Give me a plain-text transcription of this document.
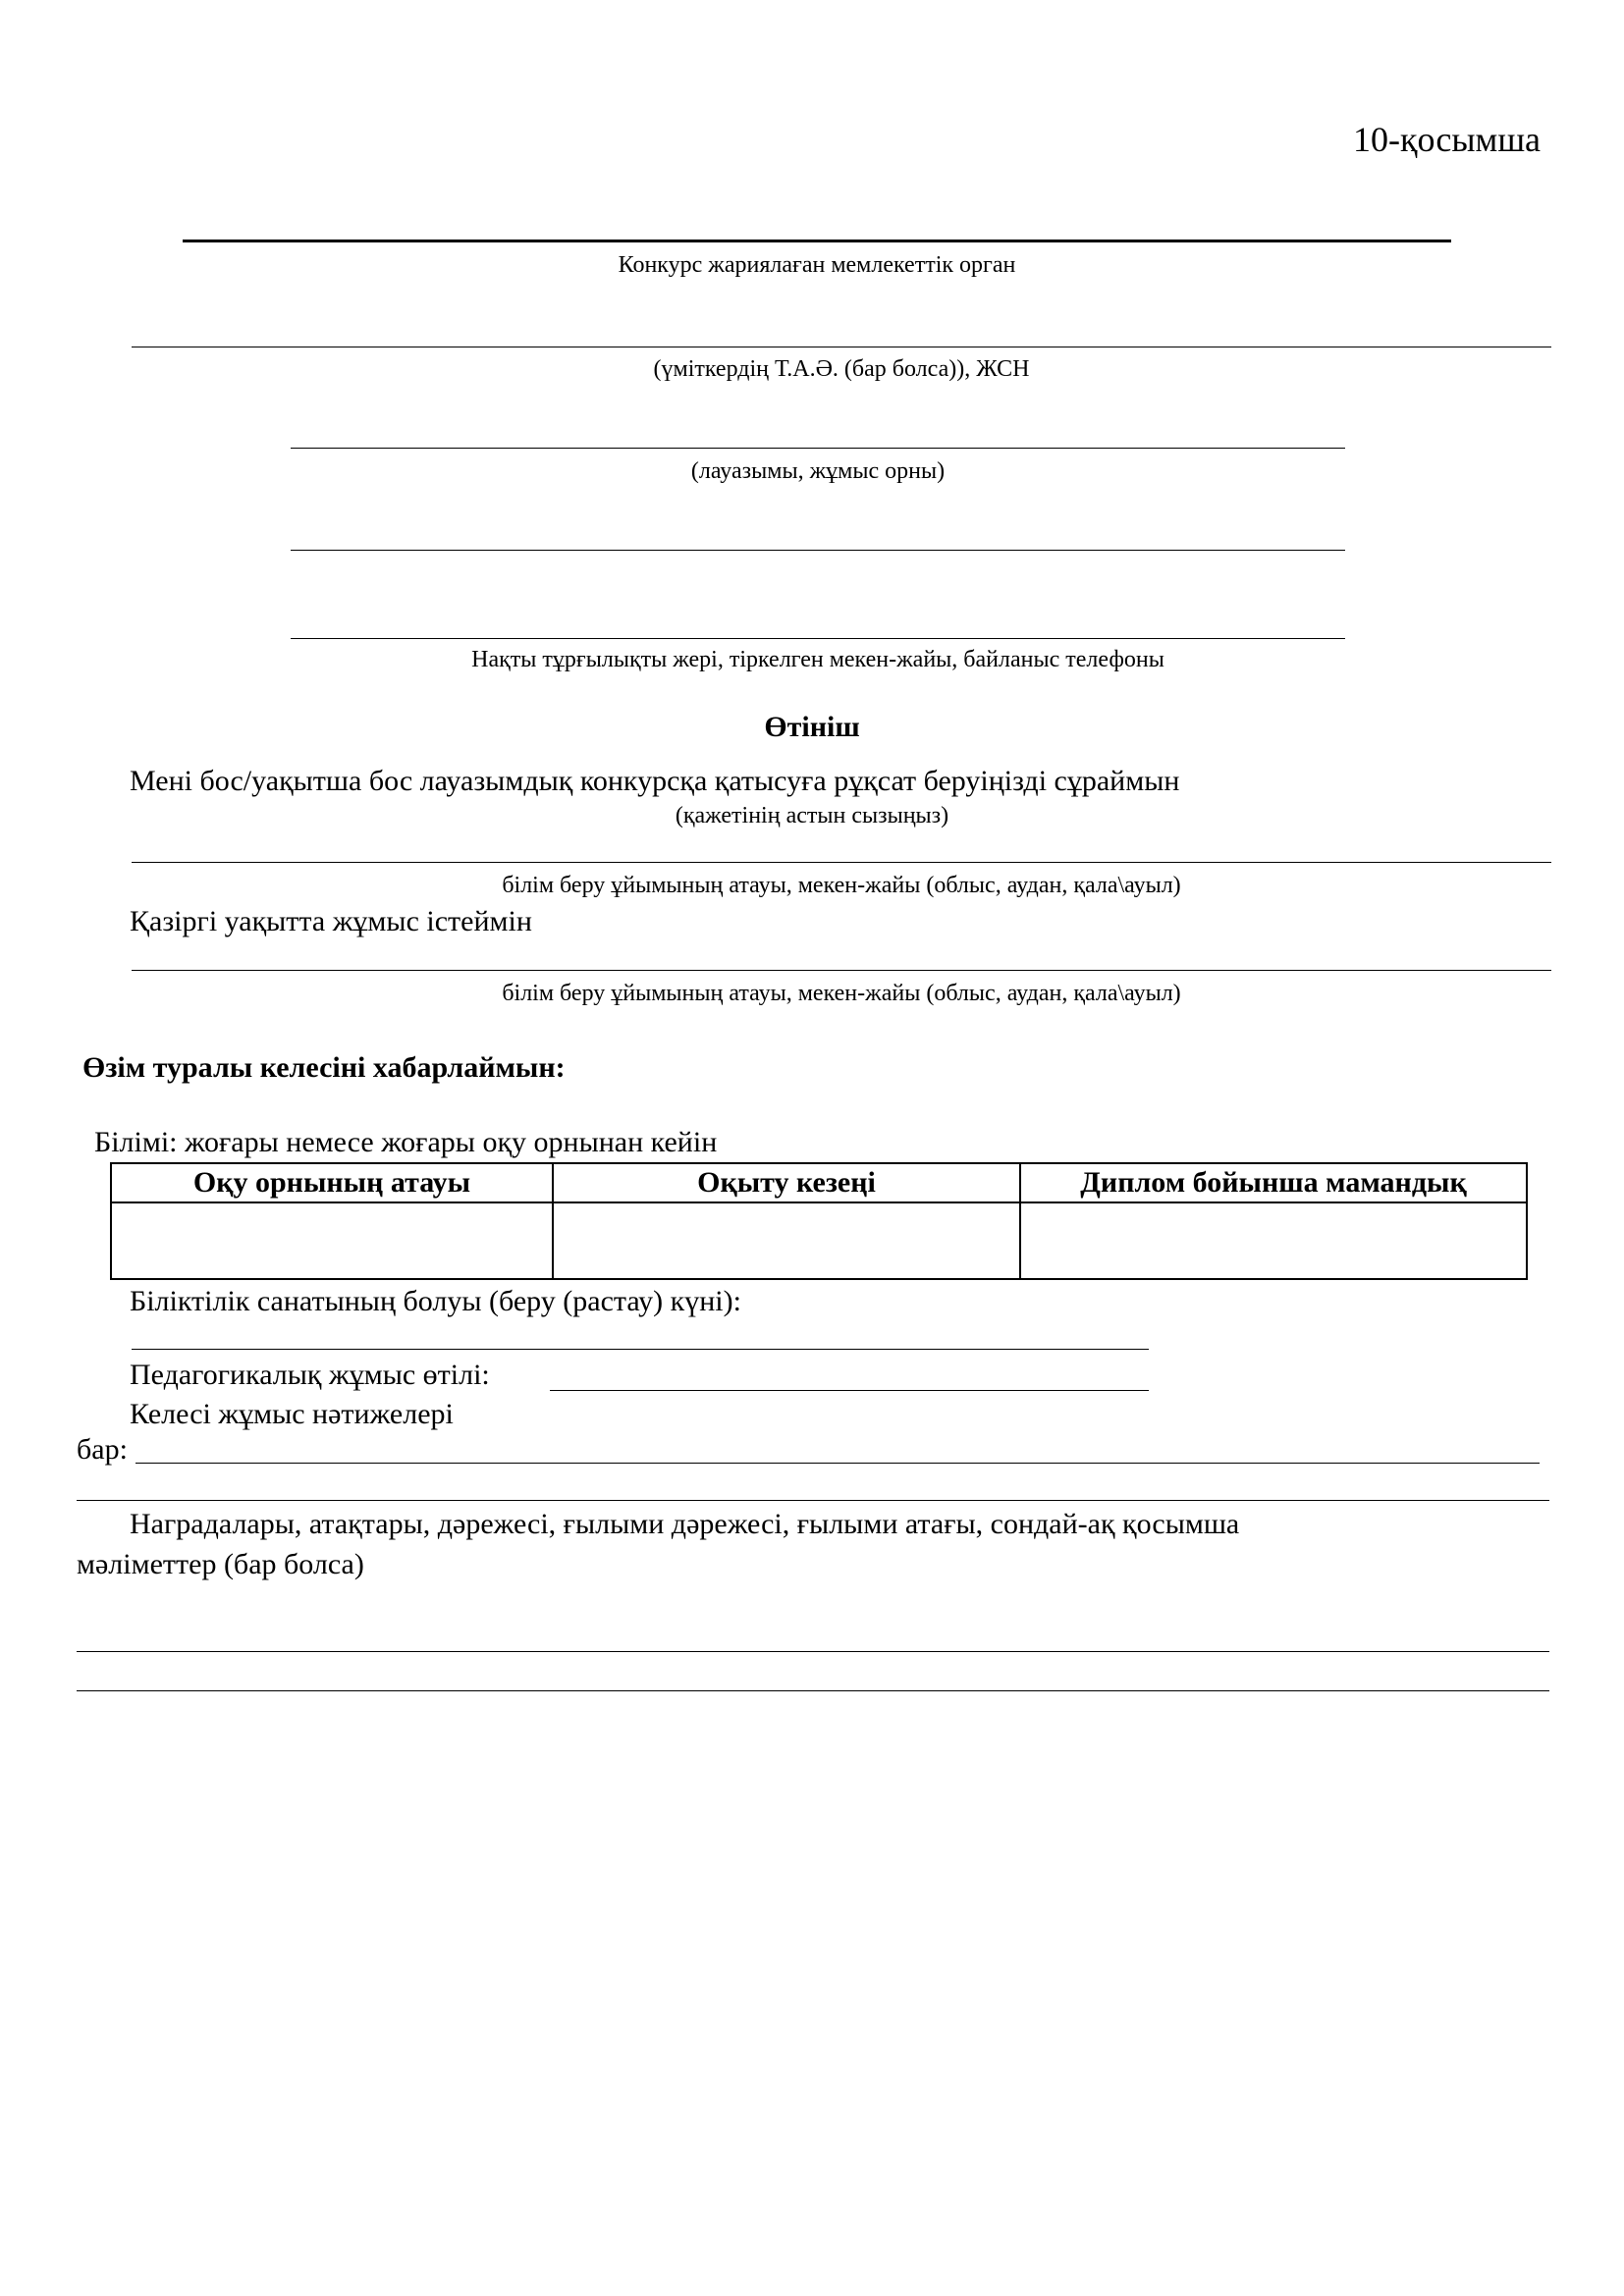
10-қосымша
Конкурс жариялаған мемлекеттік орган
(үміткердің Т.А.Ә. (бар болса)), ЖСН
(лауазымы, жұмыс орны)
Нақты тұрғылықты жері, тіркелген мекен-жайы, байланыс телефоны
Өтініш
Мені бос/уақытша бос лауазымдық конкурсқа қатысуға рұқсат беруіңізді сұраймын
(қажетінің астын сызыңыз)
білім беру ұйымының атауы, мекен-жайы (облыс, аудан, қала\ауыл)
Қазіргі уақытта жұмыс істеймін
білім беру ұйымының атауы, мекен-жайы (облыс, аудан, қала\ауыл)
Өзім туралы келесіні хабарлаймын:
Білімі: жоғары немесе жоғары оқу орнынан кейін
Оқу орнының атауы	Оқыту кезеңі	Диплом бойынша мамандық

Біліктілік санатының болуы (беру (растау) күні):
Педагогикалық жұмыс өтілі:
Келесі жұмыс нәтижелері
бар:
Наградалары, атақтары, дәрежесі, ғылыми дәрежесі, ғылыми атағы, сондай-ақ қосымша
мәліметтер (бар болса)
